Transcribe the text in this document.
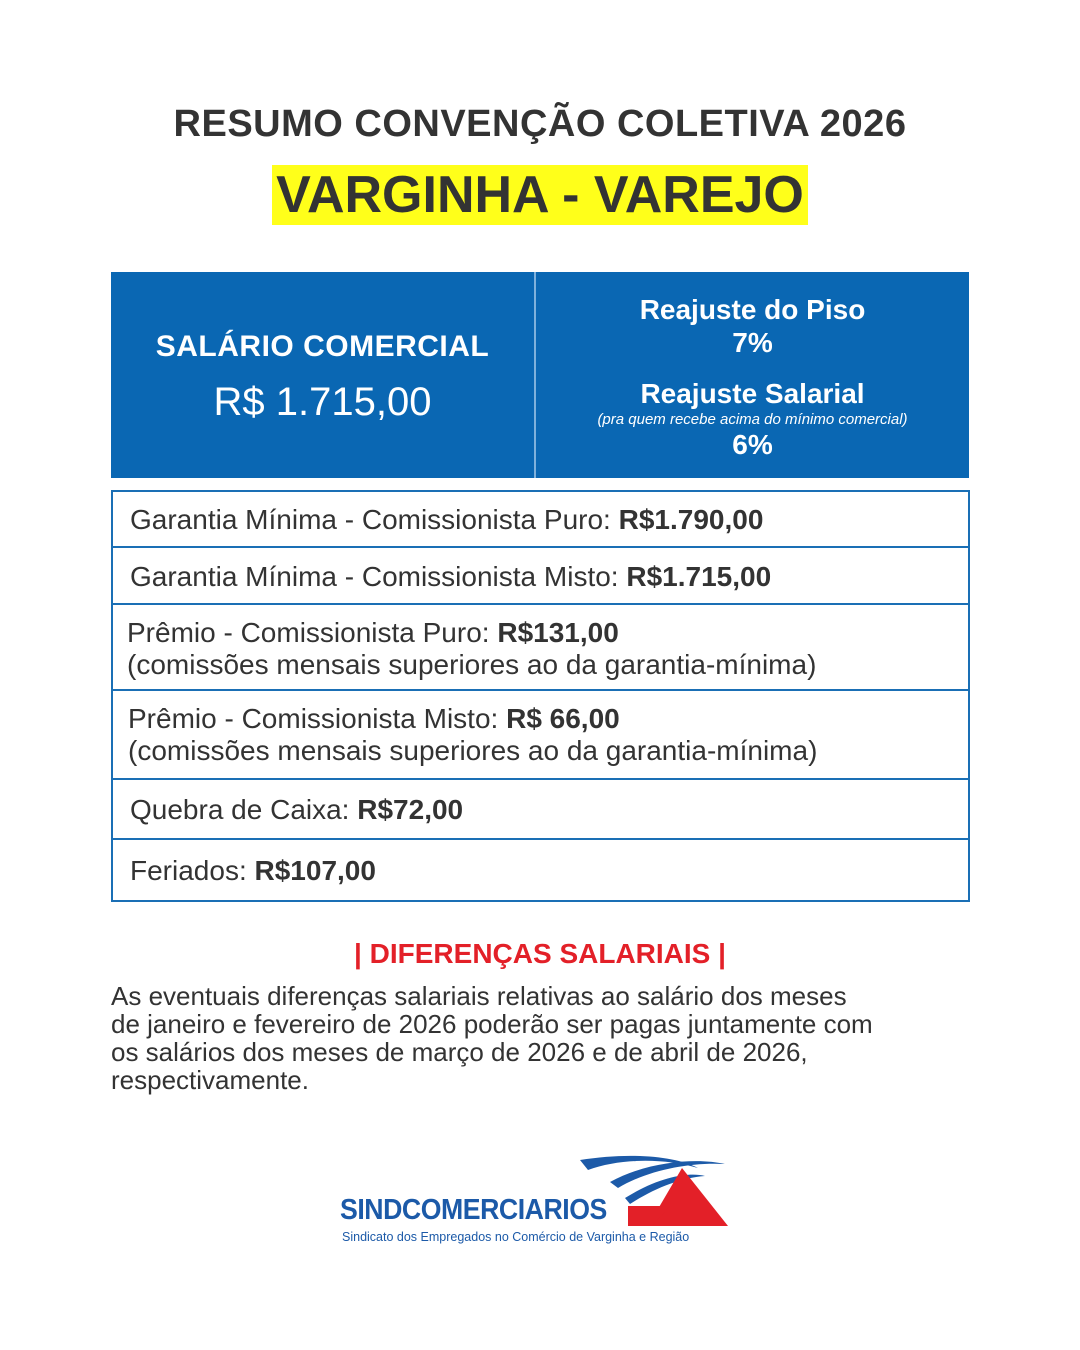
RESUMO CONVENÇÃO COLETIVA 2026
VARGINHA - VAREJO
SALÁRIO COMERCIAL
R$ 1.715,00
Reajuste do Piso
7%
Reajuste Salarial
(pra quem recebe acima do mínimo comercial)
6%
Garantia Mínima - Comissionista Puro: R$1.790,00
Garantia Mínima - Comissionista Misto: R$1.715,00
Prêmio - Comissionista Puro: R$131,00
(comissões mensais superiores ao da garantia-mínima)
Prêmio - Comissionista Misto: R$ 66,00
(comissões mensais superiores ao da garantia-mínima)
Quebra de Caixa: R$72,00
Feriados: R$107,00
| DIFERENÇAS SALARIAIS |
As eventuais diferenças salariais relativas ao salário dos meses
de janeiro e fevereiro de 2026 poderão ser pagas juntamente com
os salários dos meses de março de 2026 e de abril de 2026,
respectivamente.
SINDCOMERCIARIOS
Sindicato dos Empregados no Comércio de Varginha e Região
